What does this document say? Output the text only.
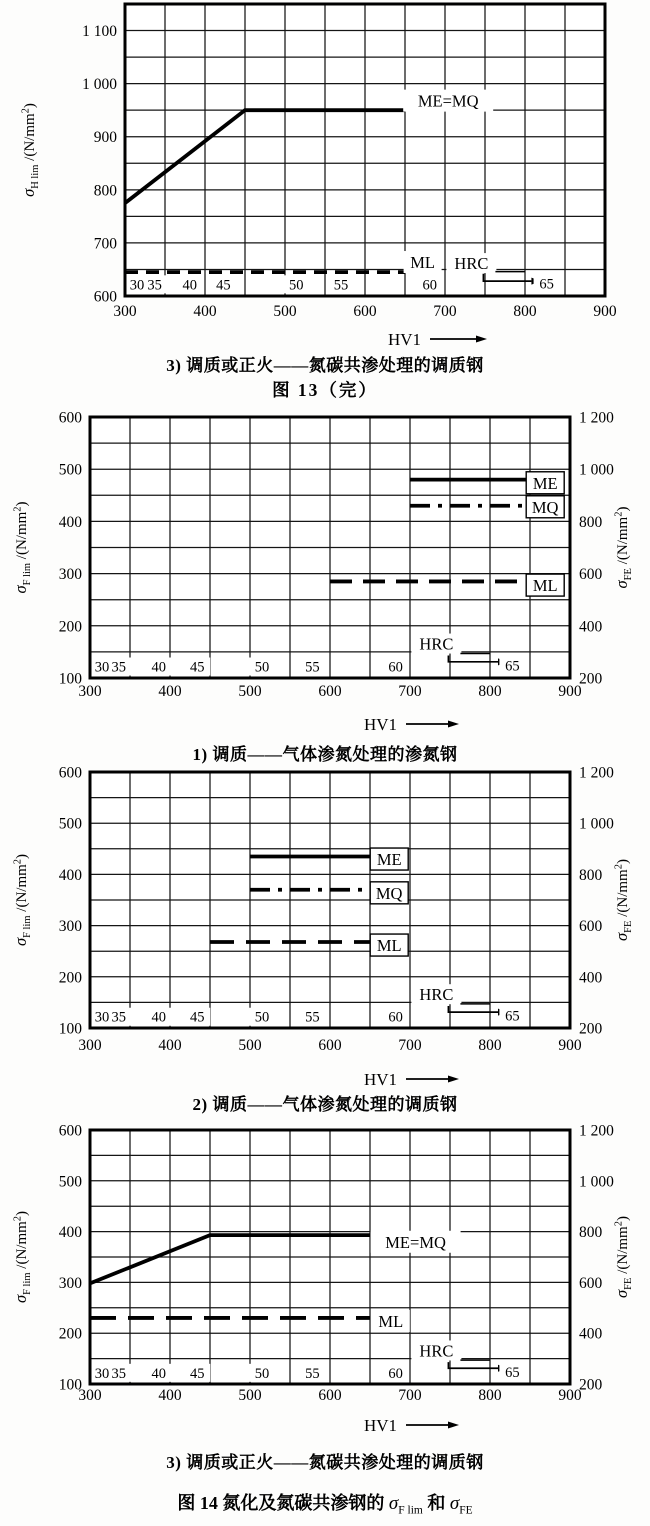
30 35 40 45	50 55	60
HRC
65
ME=MQ
ML
300	400	500	600	700	800	900
600
700
800
900
1 000
1 100
$\sigma_{H lim}$ $/(N/mm^2)$
HV1
3) 调质或正火——氮碳共渗处理的调质钢
图 13（完）
30 35 40 45	50 55	60
HRC
65
ME
MQ
ML
300	400	500	600	700	800	900
100
200
300
400
500
600
200
400
600
800
1 000
1 200
$\sigma_{FE}$ $/(N/mm^2)$
$\sigma_{F lim}$ $/(N/mm^2)$
HV1
1) 调质——气体渗氮处理的渗氮钢
30 35 40 45	50 55	60
HRC
65
ME
MQ
ML
300	400	500	600	700	800	900
100
200
300
400
500
600
200
400
600
800
1 000
1 200
$\sigma_{FE}$ $/(N/mm^2)$
$\sigma_{F lim}$ $/(N/mm^2)$
HV1
2) 调质——气体渗氮处理的调质钢
30 35 40 45	50 55	60
HRC
65
ME=MQ
ML
300	400	500	600	700	800	900
100
200
300
400
500
600
200
400
600
800
1 000
1 200
$\sigma_{FE}$ $/(N/mm^2)$
$\sigma_{F lim}$ $/(N/mm^2)$
HV1
3) 调质或正火——氮碳共渗处理的调质钢
图 14 氮化及氮碳共渗钢的 $\sigma_{F lim}$ 和 $\sigma_{FE}$
